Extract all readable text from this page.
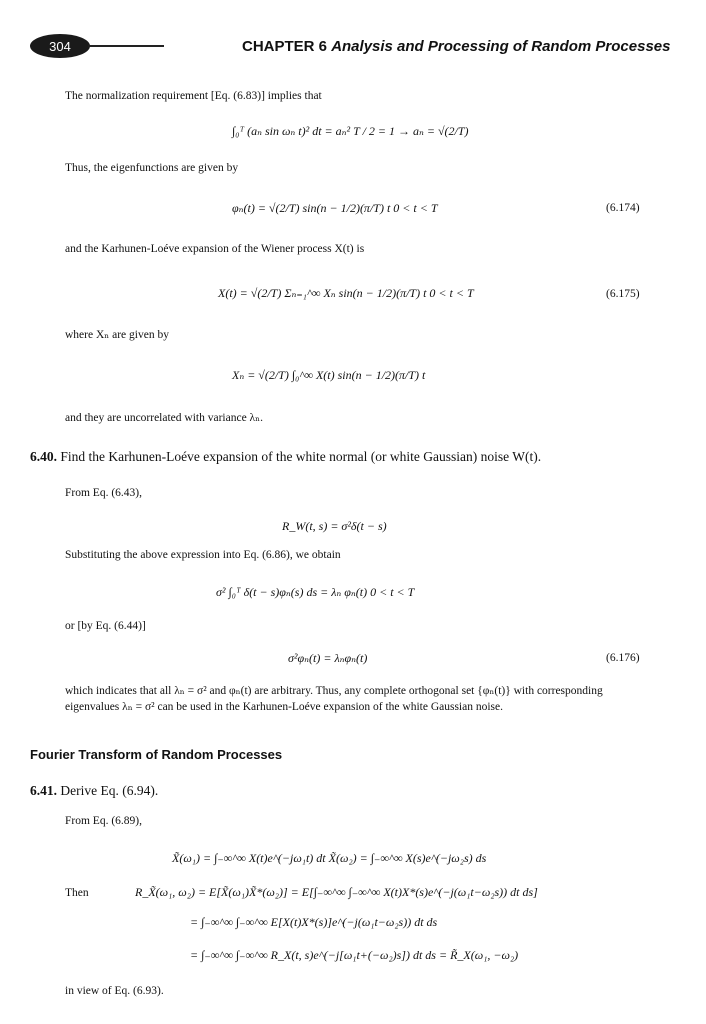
304	CHAPTER 6 Analysis and Processing of Random Processes
The normalization requirement [Eq. (6.83)] implies that
∫₀ᵀ (aₙ sin ωₙ t)² dt = aₙ² T / 2 = 1 → aₙ = √(2/T)
Thus, the eigenfunctions are given by
φₙ(t) = √(2/T) sin(n − 1/2)(π/T) t 0 < t < T	(6.174)
and the Karhunen-Loéve expansion of the Wiener process X(t) is
X(t) = √(2/T) Σₙ₌₁^∞ Xₙ sin(n − 1/2)(π/T) t 0 < t < T	(6.175)
where Xₙ are given by
Xₙ = √(2/T) ∫₀^∞ X(t) sin(n − 1/2)(π/T) t
and they are uncorrelated with variance λₙ.
6.40. Find the Karhunen-Loéve expansion of the white normal (or white Gaussian) noise W(t).
From Eq. (6.43),
R_W(t, s) = σ²δ(t − s)
Substituting the above expression into Eq. (6.86), we obtain
σ² ∫₀ᵀ δ(t − s)φₙ(s) ds = λₙ φₙ(t) 0 < t < T
or [by Eq. (6.44)]
σ²φₙ(t) = λₙφₙ(t)	(6.176)
which indicates that all λₙ = σ² and φₙ(t) are arbitrary. Thus, any complete orthogonal set {φₙ(t)} with corresponding
eigenvalues λₙ = σ² can be used in the Karhunen-Loéve expansion of the white Gaussian noise.
Fourier Transform of Random Processes
6.41. Derive Eq. (6.94).
From Eq. (6.89),
X̃(ω₁) = ∫₋∞^∞ X(t)e^(−jω₁t) dt X̃(ω₂) = ∫₋∞^∞ X(s)e^(−jω₂s) ds
Then	R_X̃(ω₁, ω₂) = E[X̃(ω₁)X̃*(ω₂)] = E[∫₋∞^∞ ∫₋∞^∞ X(t)X*(s)e^(−j(ω₁t−ω₂s)) dt ds]
= ∫₋∞^∞ ∫₋∞^∞ E[X(t)X*(s)]e^(−j(ω₁t−ω₂s)) dt ds
= ∫₋∞^∞ ∫₋∞^∞ R_X(t, s)e^(−j[ω₁t+(−ω₂)s]) dt ds = R̃_X(ω₁, −ω₂)
in view of Eq. (6.93).
